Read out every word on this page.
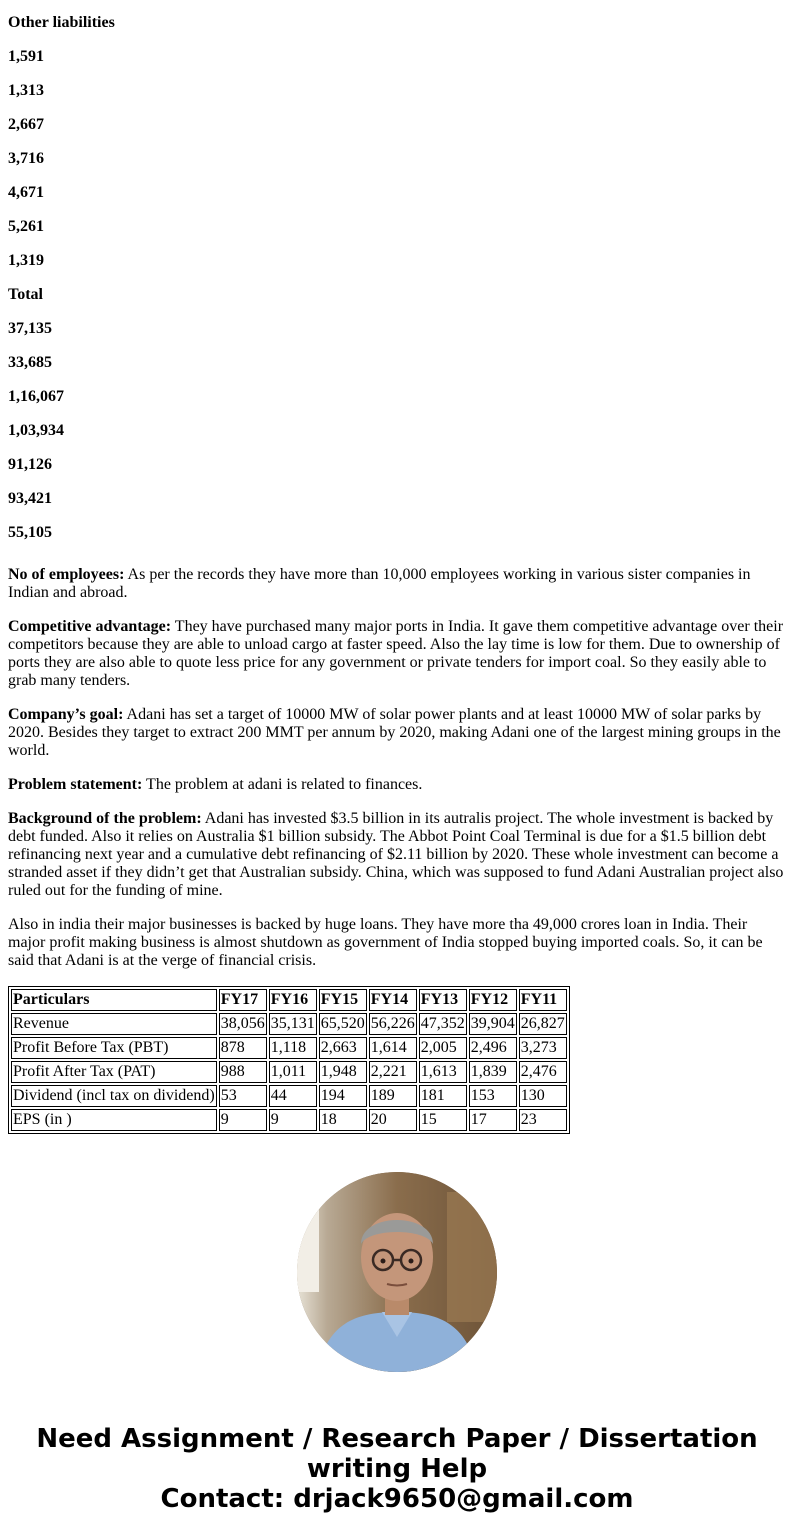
Other liabilities

1,591

1,313

2,667

3,716

4,671

5,261

1,319

Total

37,135

33,685

1,16,067

1,03,934

91,126

93,421

55,105

No of employees: As per the records they have more than 10,000 employees working in various sister companies in Indian and abroad.

Competitive advantage: They have purchased many major ports in India. It gave them competitive advantage over their competitors because they are able to unload cargo at faster speed. Also the lay time is low for them. Due to ownership of ports they are also able to quote less price for any government or private tenders for import coal. So they easily able to grab many tenders.

Company’s goal: Adani has set a target of 10000 MW of solar power plants and at least 10000 MW of solar parks by 2020. Besides they target to extract 200 MMT per annum by 2020, making Adani one of the largest mining groups in the world.

Problem statement: The problem at adani is related to finances.

Background of the problem: Adani has invested $3.5 billion in its autralis project. The whole investment is backed by debt funded. Also it relies on Australia $1 billion subsidy. The Abbot Point Coal Terminal is due for a $1.5 billion debt refinancing next year and a cumulative debt refinancing of $2.11 billion by 2020. These whole investment can become a stranded asset if they didn’t get that Australian subsidy. China, which was supposed to fund Adani Australian project also ruled out for the funding of mine.

Also in india their major businesses is backed by huge loans. They have more tha 49,000 crores loan in India. Their major profit making business is almost shutdown as government of India stopped buying imported coals. So, it can be said that Adani is at the verge of financial crisis.

Particulars	FY17	FY16	FY15	FY14	FY13	FY12	FY11
Revenue	38,056	35,131	65,520	56,226	47,352	39,904	26,827
Profit Before Tax (PBT)	878	1,118	2,663	1,614	2,005	2,496	3,273
Profit After Tax (PAT)	988	1,011	1,948	2,221	1,613	1,839	2,476
Dividend (incl tax on dividend)	53	44	194	189	181	153	130
EPS (in )	9	9	18	20	15	17	23
Need Assignment / Research Paper / Dissertation writing Help
Contact: drjack9650@gmail.com
